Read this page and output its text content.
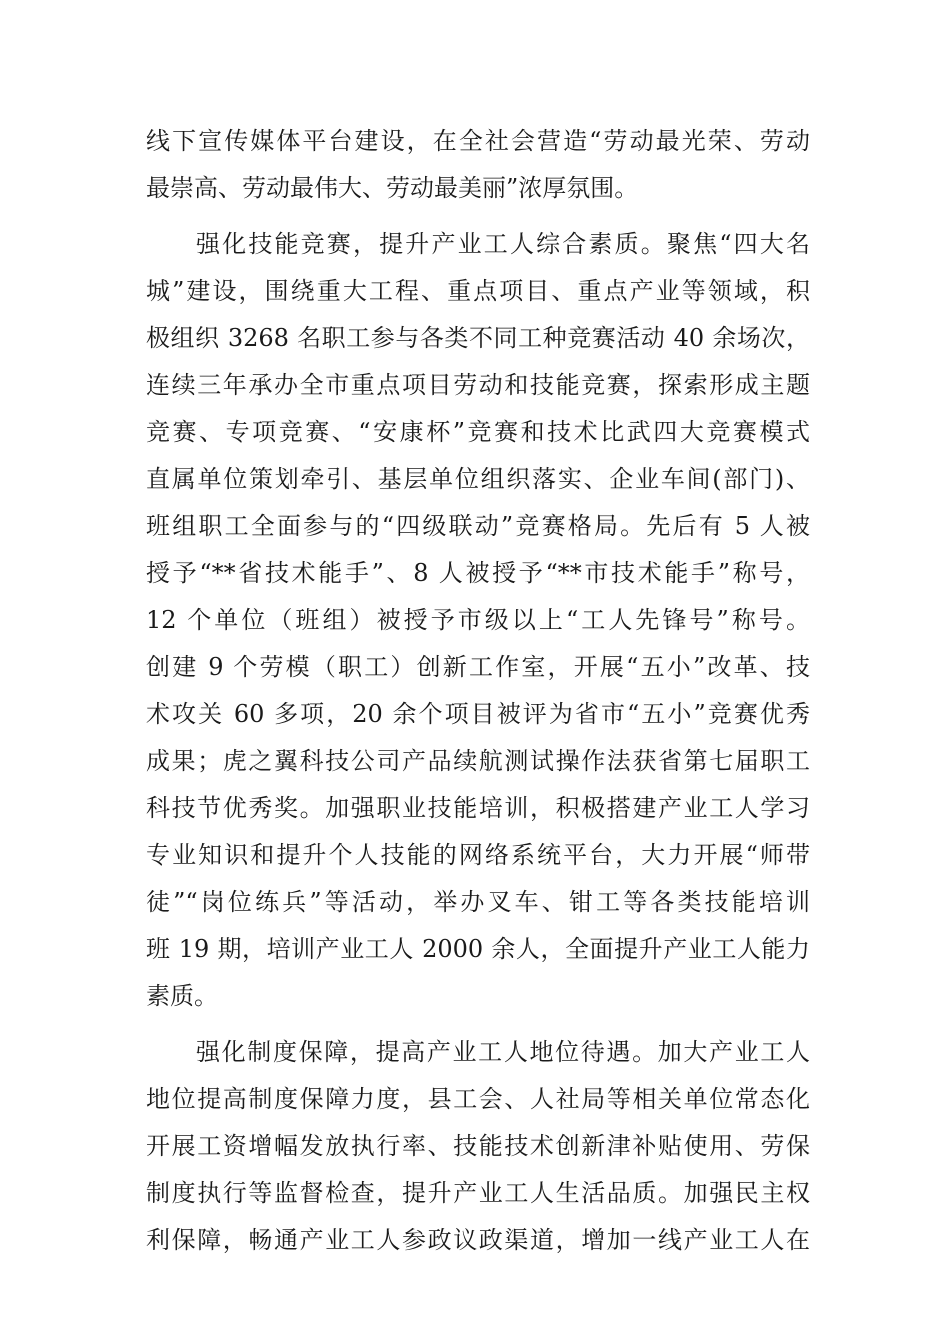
线下宣传媒体平台建设，在全社会营造“劳动最光荣、劳动
最崇高、劳动最伟大、劳动最美丽”浓厚氛围。
强化技能竞赛，提升产业工人综合素质。聚焦“四大名
城”建设，围绕重大工程、重点项目、重点产业等领域，积
极组织 3268 名职工参与各类不同工种竞赛活动 40 余场次，
连续三年承办全市重点项目劳动和技能竞赛，探索形成主题
竞赛、专项竞赛、“安康杯”竞赛和技术比武四大竞赛模式
直属单位策划牵引、基层单位组织落实、企业车间(部门)、
班组职工全面参与的“四级联动”竞赛格局。先后有 5 人被
授予“**省技术能手”、8 人被授予“**市技术能手”称号，
12 个单位（班组）被授予市级以上“工人先锋号”称号。
创建 9 个劳模（职工）创新工作室，开展“五小”改革、技
术攻关 60 多项，20 余个项目被评为省市“五小”竞赛优秀
成果；虎之翼科技公司产品续航测试操作法获省第七届职工
科技节优秀奖。加强职业技能培训，积极搭建产业工人学习
专业知识和提升个人技能的网络系统平台，大力开展“师带
徒”“岗位练兵”等活动，举办叉车、钳工等各类技能培训
班 19 期，培训产业工人 2000 余人，全面提升产业工人能力
素质。
强化制度保障，提高产业工人地位待遇。加大产业工人
地位提高制度保障力度，县工会、人社局等相关单位常态化
开展工资增幅发放执行率、技能技术创新津补贴使用、劳保
制度执行等监督检查，提升产业工人生活品质。加强民主权
利保障，畅通产业工人参政议政渠道，增加一线产业工人在
